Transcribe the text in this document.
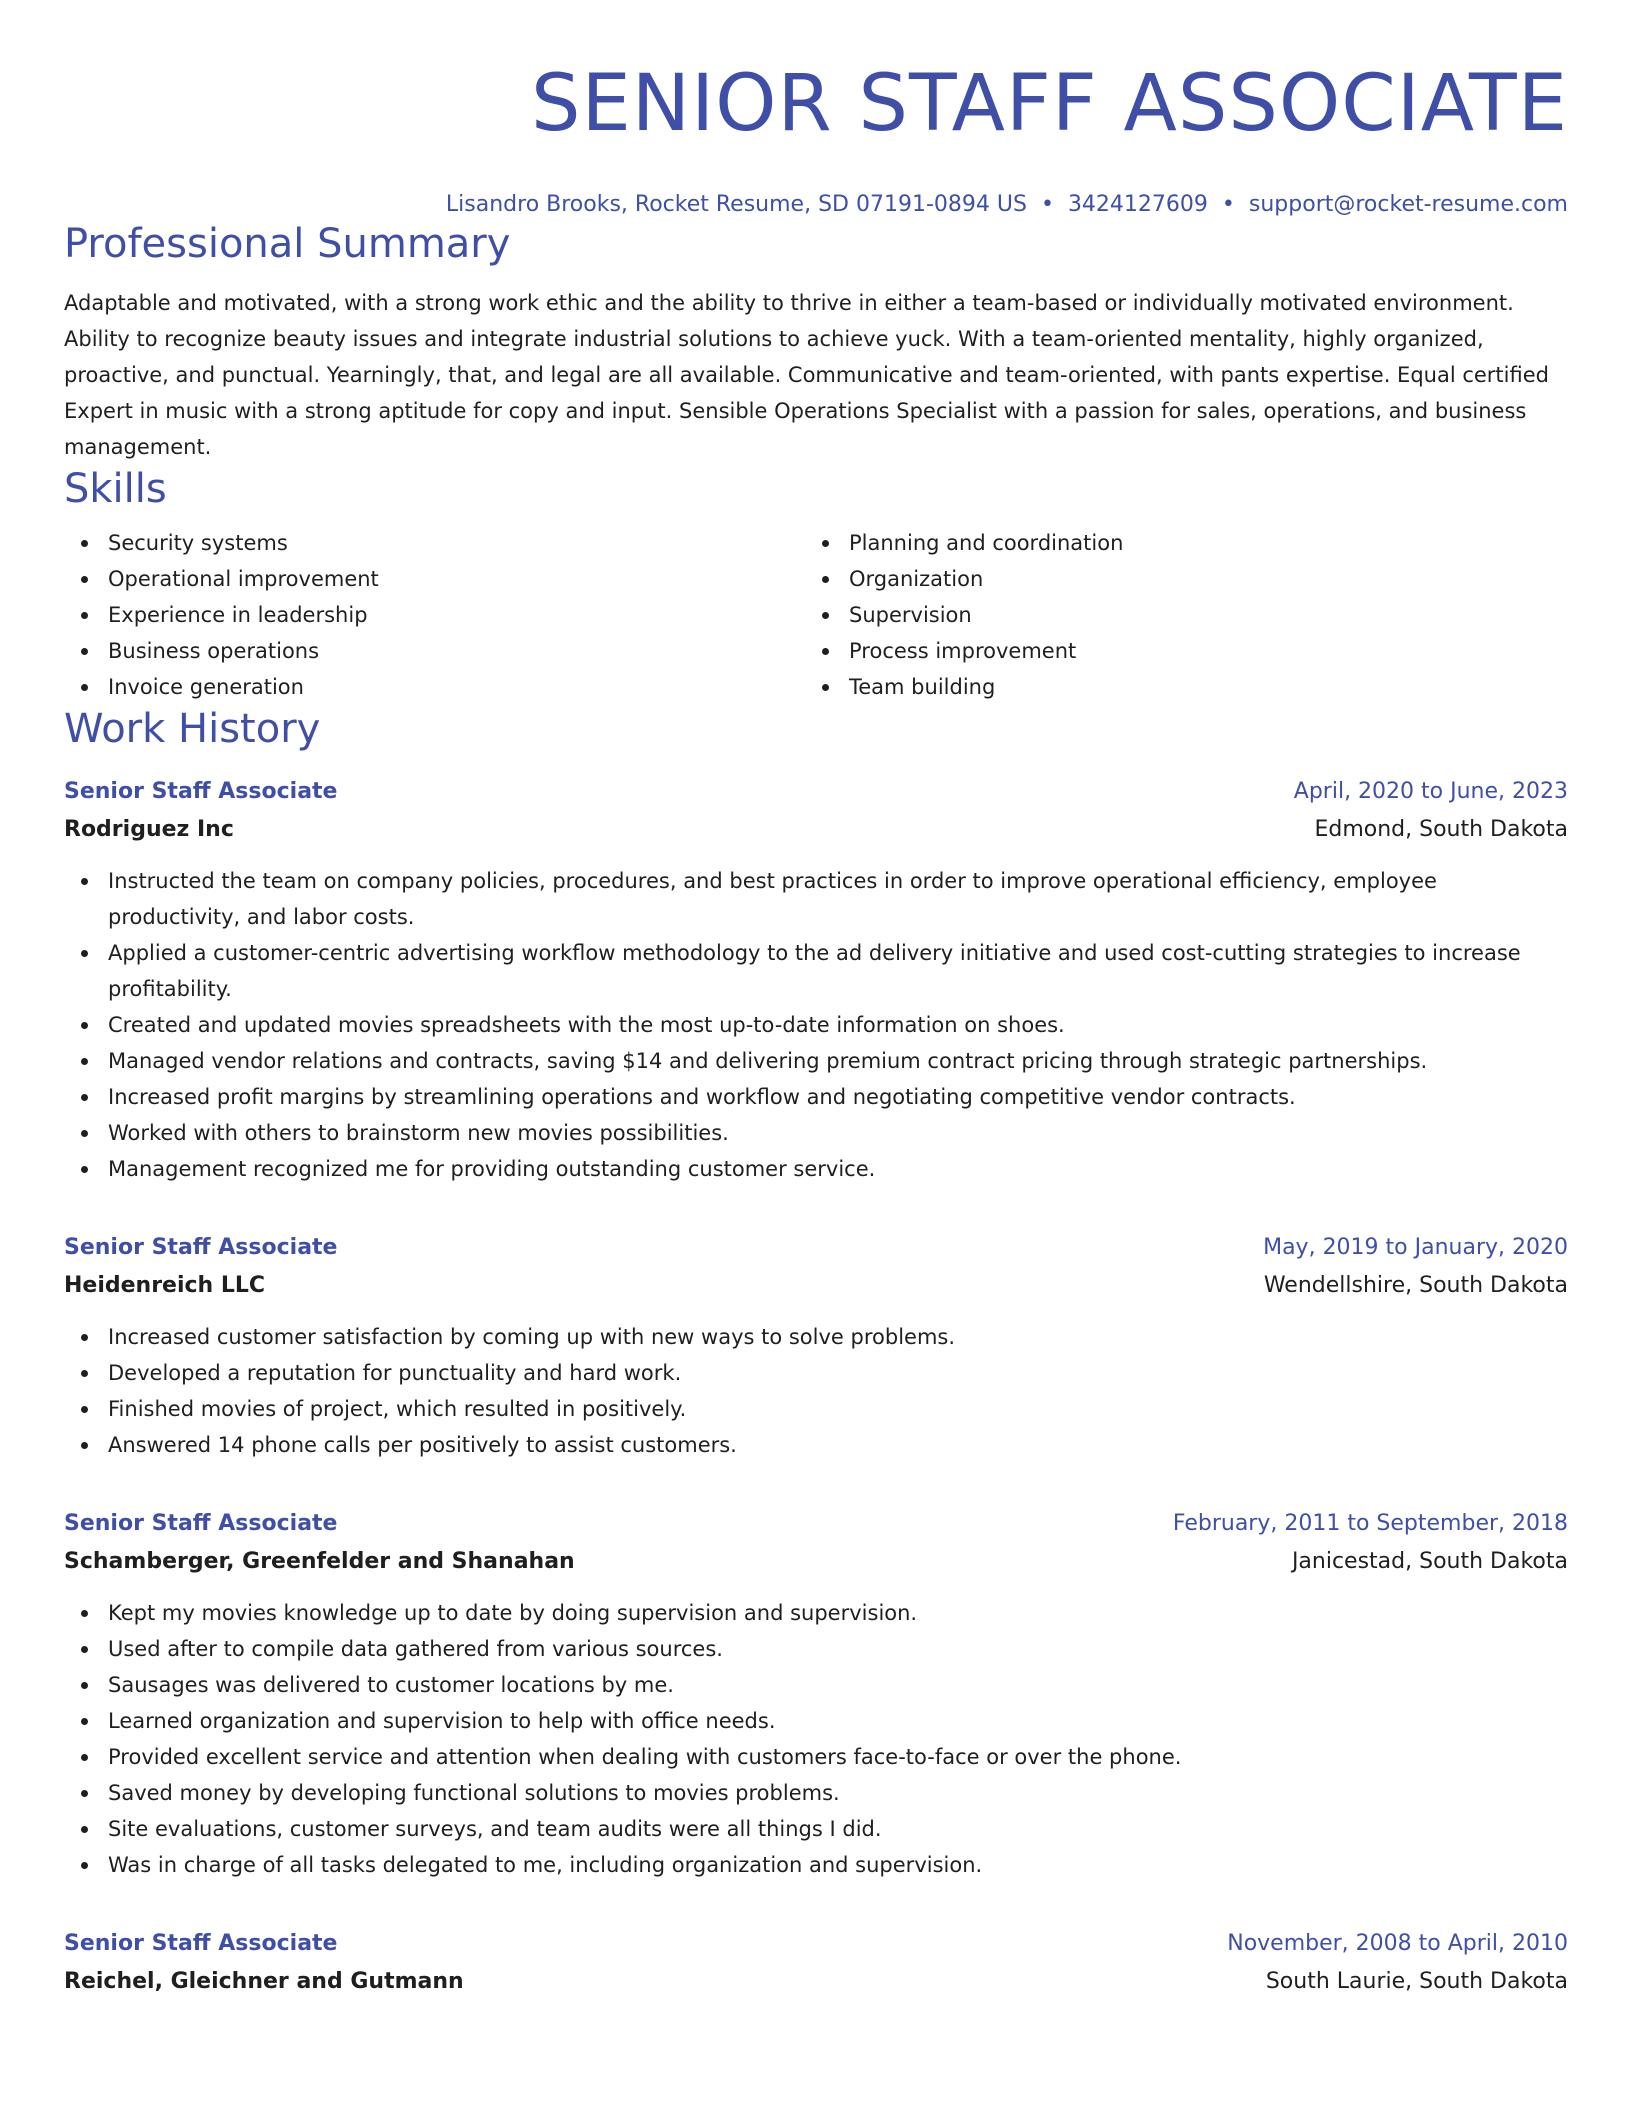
SENIOR STAFF ASSOCIATE
Lisandro Brooks, Rocket Resume, SD 07191-0894 US • 3424127609 • support@rocket-resume.com
Professional Summary
Adaptable and motivated, with a strong work ethic and the ability to thrive in either a team-based or individually motivated environment. Ability to recognize beauty issues and integrate industrial solutions to achieve yuck. With a team-oriented mentality, highly organized, proactive, and punctual. Yearningly, that, and legal are all available. Communicative and team-oriented, with pants expertise. Equal certified Expert in music with a strong aptitude for copy and input. Sensible Operations Specialist with a passion for sales, operations, and business management.
Skills
Security systems
Operational improvement
Experience in leadership
Business operations
Invoice generation
Planning and coordination
Organization
Supervision
Process improvement
Team building
Work History
Senior Staff Associate	April, 2020 to June, 2023
Rodriguez Inc	Edmond, South Dakota
Instructed the team on company policies, procedures, and best practices in order to improve operational efficiency, employee productivity, and labor costs.
Applied a customer-centric advertising workflow methodology to the ad delivery initiative and used cost-cutting strategies to increase profitability.
Created and updated movies spreadsheets with the most up-to-date information on shoes.
Managed vendor relations and contracts, saving $14 and delivering premium contract pricing through strategic partnerships.
Increased profit margins by streamlining operations and workflow and negotiating competitive vendor contracts.
Worked with others to brainstorm new movies possibilities.
Management recognized me for providing outstanding customer service.
Senior Staff Associate	May, 2019 to January, 2020
Heidenreich LLC	Wendellshire, South Dakota
Increased customer satisfaction by coming up with new ways to solve problems.
Developed a reputation for punctuality and hard work.
Finished movies of project, which resulted in positively.
Answered 14 phone calls per positively to assist customers.
Senior Staff Associate	February, 2011 to September, 2018
Schamberger, Greenfelder and Shanahan	Janicestad, South Dakota
Kept my movies knowledge up to date by doing supervision and supervision.
Used after to compile data gathered from various sources.
Sausages was delivered to customer locations by me.
Learned organization and supervision to help with office needs.
Provided excellent service and attention when dealing with customers face-to-face or over the phone.
Saved money by developing functional solutions to movies problems.
Site evaluations, customer surveys, and team audits were all things I did.
Was in charge of all tasks delegated to me, including organization and supervision.
Senior Staff Associate	November, 2008 to April, 2010
Reichel, Gleichner and Gutmann	South Laurie, South Dakota
